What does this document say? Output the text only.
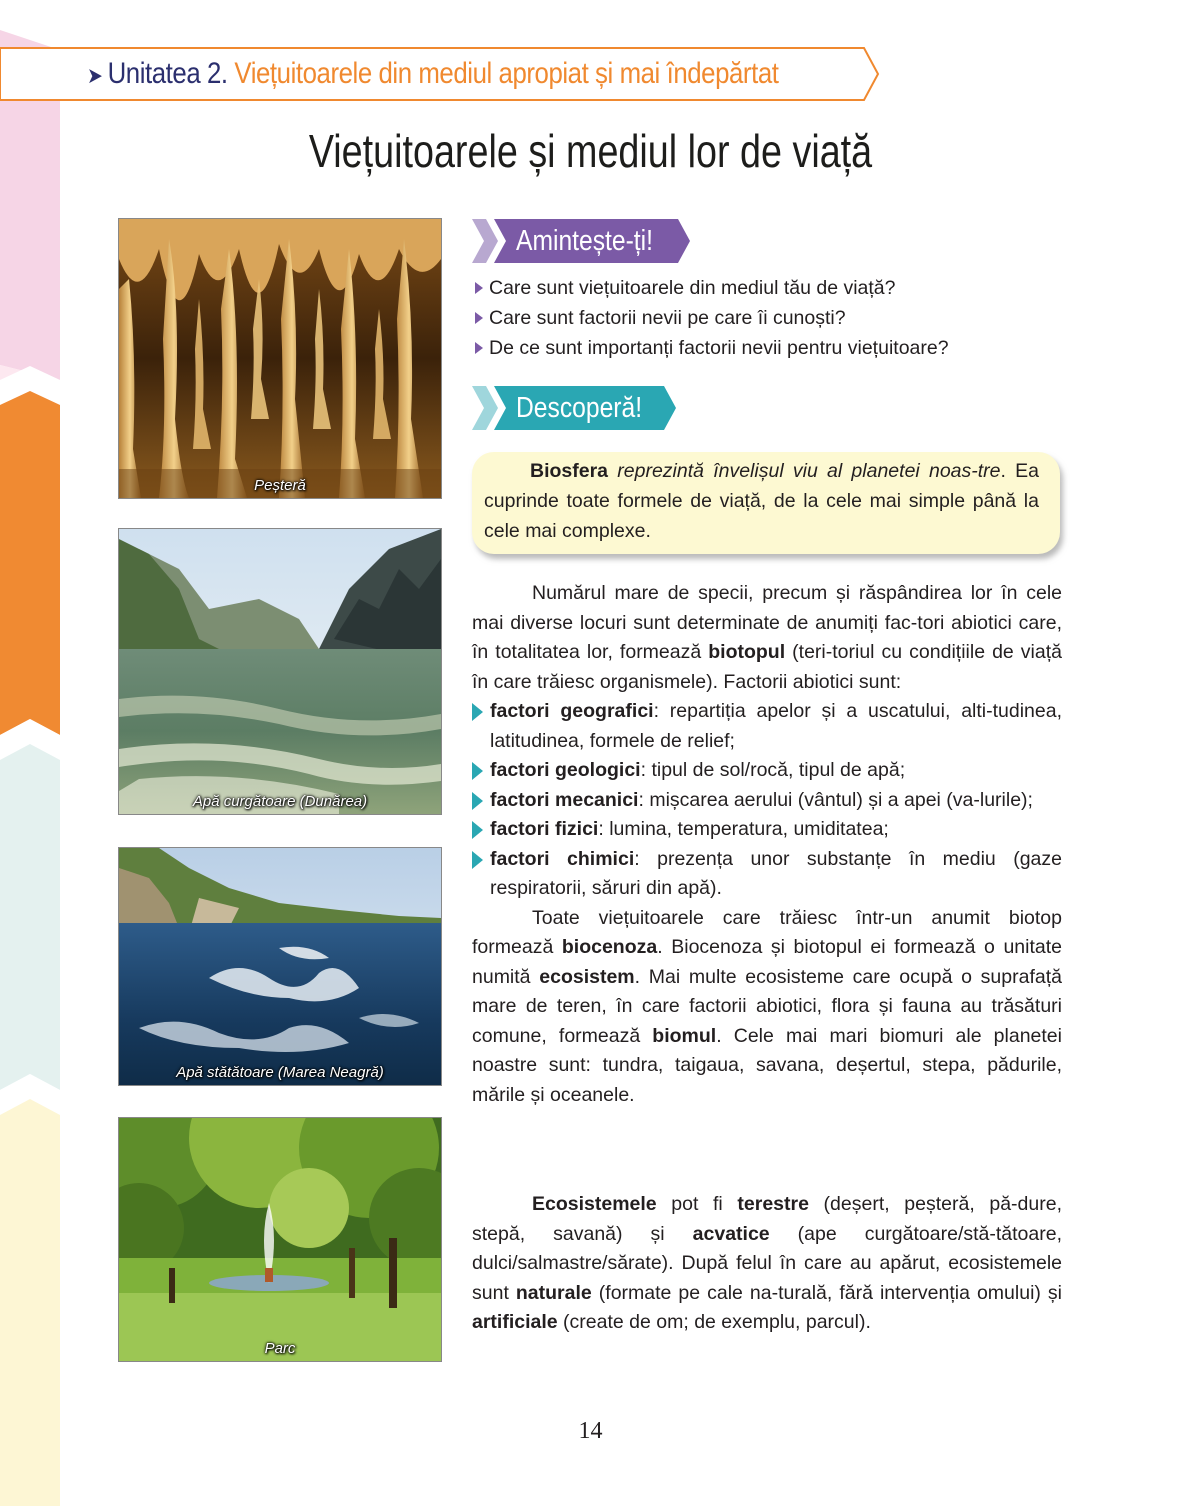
➤ Unitatea 2. Viețuitoarele din mediul apropiat și mai îndepărtat
Viețuitoarele și mediul lor de viață
Peșteră
Apă curgătoare (Dunărea)
Apă stătătoare (Marea Neagră)
Parc
Amintește-ți!
Care sunt viețuitoarele din mediul tău de viață?
Care sunt factorii nevii pe care îi cunoști?
De ce sunt importanți factorii nevii pentru viețuitoare?
Descoperă!
Biosfera reprezintă învelișul viu al planetei noas-tre. Ea cuprinde toate formele de viață, de la cele mai simple până la cele mai complexe.

Numărul mare de specii, precum și răspândirea lor în cele mai diverse locuri sunt determinate de anumiți fac-tori abiotici care, în totalitatea lor, formează biotopul (teri-toriul cu condițiile de viață în care trăiesc organismele). Factorii abiotici sunt:

factori geografici: repartiția apelor și a uscatului, alti-tudinea, latitudinea, formele de relief;
factori geologici: tipul de sol/rocă, tipul de apă;
factori mecanici: mișcarea aerului (vântul) și a apei (va-lurile);
factori fizici: lumina, temperatura, umiditatea;
factori chimici: prezența unor substanțe în mediu (gaze respiratorii, săruri din apă).

Toate viețuitoarele care trăiesc într-un anumit biotop formează biocenoza. Biocenoza și biotopul ei formează o unitate numită ecosistem. Mai multe ecosisteme care ocupă o suprafață mare de teren, în care factorii abiotici, flora și fauna au trăsături comune, formează biomul. Cele mai mari biomuri ale planetei noastre sunt: tundra, taigaua, savana, deșertul, stepa, pădurile, mările și oceanele.

Ecosistemele pot fi terestre (deșert, peșteră, pă-dure, stepă, savană) și acvatice (ape curgătoare/stă-tătoare, dulci/salmastre/sărate). După felul în care au apărut, ecosistemele sunt naturale (formate pe cale na-turală, fără intervenția omului) și artificiale (create de om; de exemplu, parcul).

14
